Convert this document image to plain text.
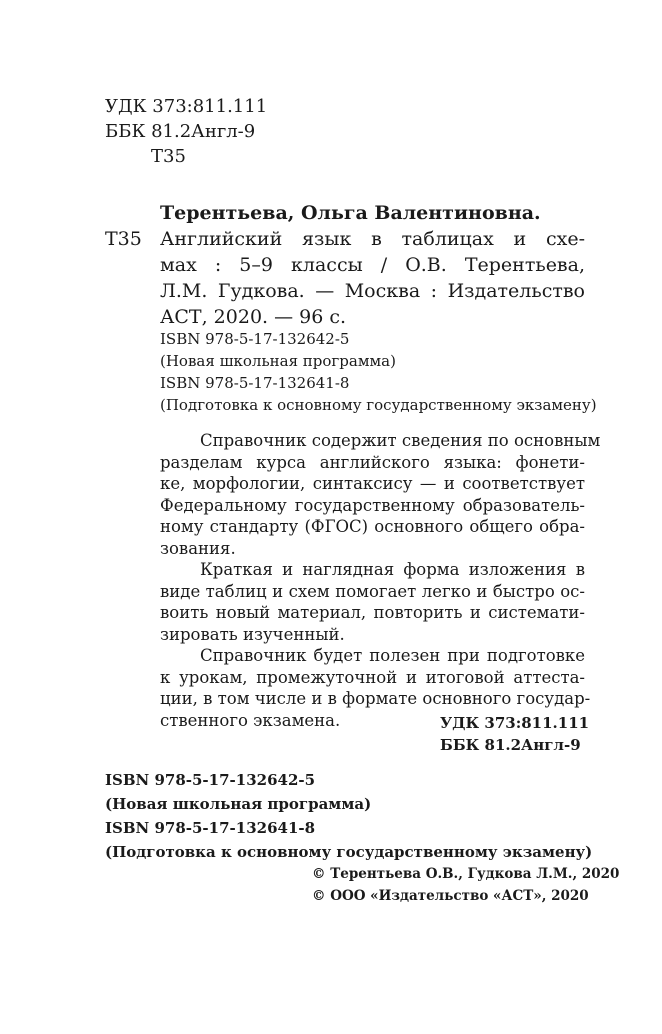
УДК 373:811.111
ББК 81.2Англ-9
Т35
Терентьева, Ольга Валентиновна.
Т35 Английский язык в таблицах и схе-
мах : 5–9 классы / О.В. Терентьева,
Л.М. Гудкова. — Москва : Издательство
АСТ, 2020. — 96 с.
ISBN 978-5-17-132642-5
(Новая школьная программа)
ISBN 978-5-17-132641-8
(Подготовка к основному государственному экзамену)
Справочник содержит сведения по основным
разделам курса английского языка: фонети-
ке, морфологии, синтаксису — и соответствует
Федеральному государственному образователь-
ному стандарту (ФГОС) основного общего обра-
зования.
Краткая и наглядная форма изложения в
виде таблиц и схем помогает легко и быстро ос-
воить новый материал, повторить и системати-
зировать изученный.
Справочник будет полезен при подготовке
к урокам, промежуточной и итоговой аттеста-
ции, в том числе и в формате основного государ-
ственного экзамена.	УДК 373:811.111
ББК 81.2Англ-9
ISBN 978-5-17-132642-5
(Новая школьная программа)
ISBN 978-5-17-132641-8
(Подготовка к основному государственному экзамену)
© Терентьева О.В., Гудкова Л.М., 2020
© ООО «Издательство «АСТ», 2020
